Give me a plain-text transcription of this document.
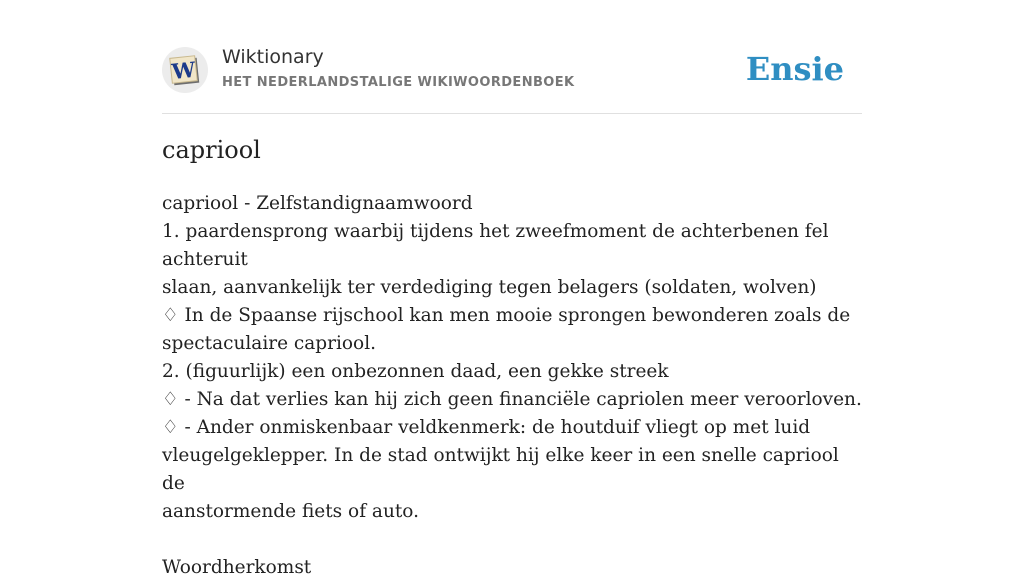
W Wiktionary
HET NEDERLANDSTALIGE WIKIWOORDENBOEK	Ensie
capriool
capriool - Zelfstandignaamwoord
1. paardensprong waarbij tijdens het zweefmoment de achterbenen fel achteruit
slaan, aanvankelijk ter verdediging tegen belagers (soldaten, wolven)
♢ In de Spaanse rijschool kan men mooie sprongen bewonderen zoals de
spectaculaire capriool.
2. (figuurlijk) een onbezonnen daad, een gekke streek
♢ - Na dat verlies kan hij zich geen financiële capriolen meer veroorloven.
♢ - Ander onmiskenbaar veldkenmerk: de houtduif vliegt op met luid
vleugelgeklepper. In de stad ontwijkt hij elke keer in een snelle capriool de
aanstormende fiets of auto.
Woordherkomst
